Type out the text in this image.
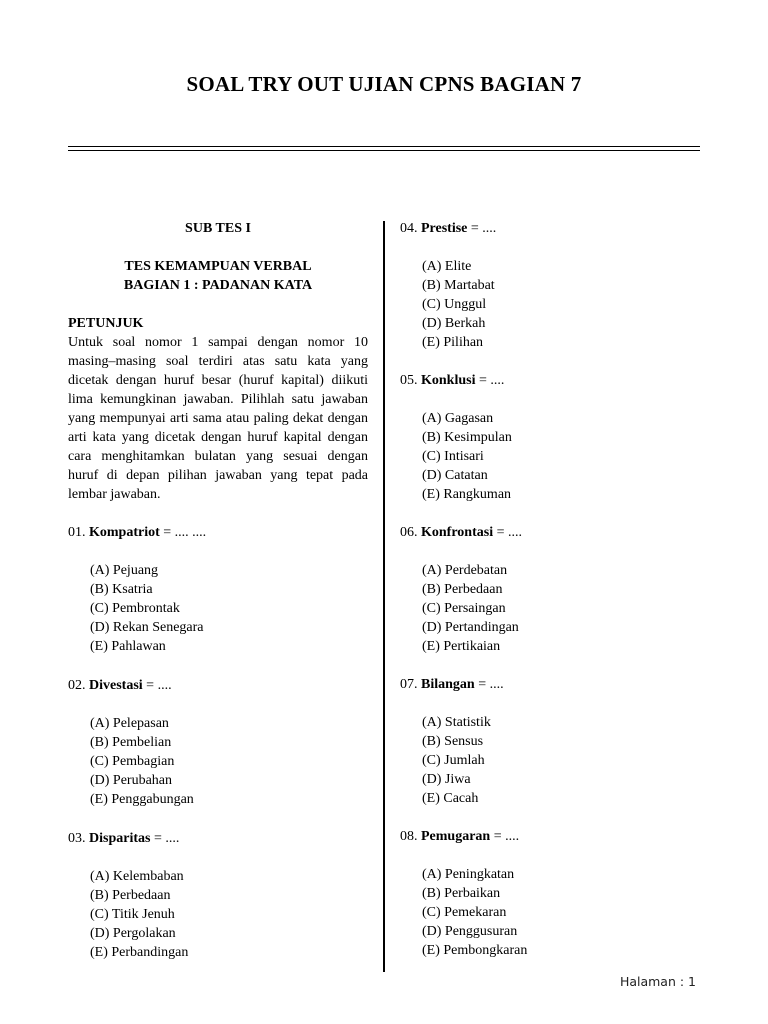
SOAL TRY OUT UJIAN CPNS BAGIAN 7
SUB TES I
TES KEMAMPUAN VERBAL
BAGIAN 1 : PADANAN KATA
PETUNJUK
Untuk soal nomor 1 sampai dengan nomor 10 masing–masing soal terdiri atas satu kata yang dicetak dengan huruf besar (huruf kapital) diikuti lima kemungkinan jawaban. Pilihlah satu jawaban yang mempunyai arti sama atau paling dekat dengan arti kata yang dicetak dengan huruf kapital dengan cara menghitamkan bulatan yang sesuai dengan huruf di depan pilihan jawaban yang tepat pada lembar jawaban.
01. Kompatriot = .... ....
(A) Pejuang
(B) Ksatria
(C) Pembrontak
(D) Rekan Senegara
(E) Pahlawan
02. Divestasi = ....
(A) Pelepasan
(B) Pembelian
(C) Pembagian
(D) Perubahan
(E) Penggabungan
03. Disparitas = ....
(A) Kelembaban
(B) Perbedaan
(C) Titik Jenuh
(D) Pergolakan
(E) Perbandingan
04. Prestise = ....
(A) Elite
(B) Martabat
(C) Unggul
(D) Berkah
(E) Pilihan
05. Konklusi = ....
(A) Gagasan
(B) Kesimpulan
(C) Intisari
(D) Catatan
(E) Rangkuman
06. Konfrontasi = ....
(A) Perdebatan
(B) Perbedaan
(C) Persaingan
(D) Pertandingan
(E) Pertikaian
07. Bilangan = ....
(A) Statistik
(B) Sensus
(C) Jumlah
(D) Jiwa
(E) Cacah
08. Pemugaran = ....
(A) Peningkatan
(B) Perbaikan
(C) Pemekaran
(D) Penggusuran
(E) Pembongkaran
Halaman : 1
